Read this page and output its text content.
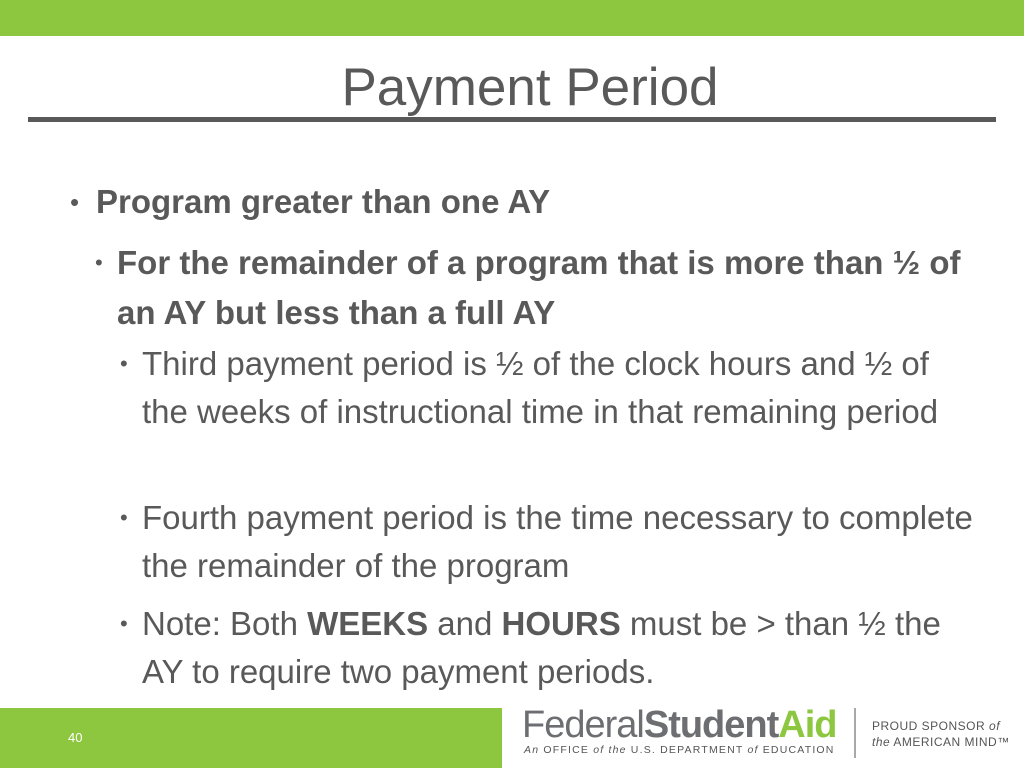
Payment Period
• Program greater than one AY
• For the remainder of a program that is more than ½ of an AY but less than a full AY
• Third payment period is ½ of the clock hours and ½ of the weeks of instructional time in that remaining period
• Fourth payment period is the time necessary to complete the remainder of the program
• Note: Both WEEKS and HOURS must be > than ½ the AY to require two payment periods.
40	FederalStudentAid
An OFFICE of the U.S. DEPARTMENT of EDUCATION
PROUD SPONSOR of
the AMERICAN MIND™
